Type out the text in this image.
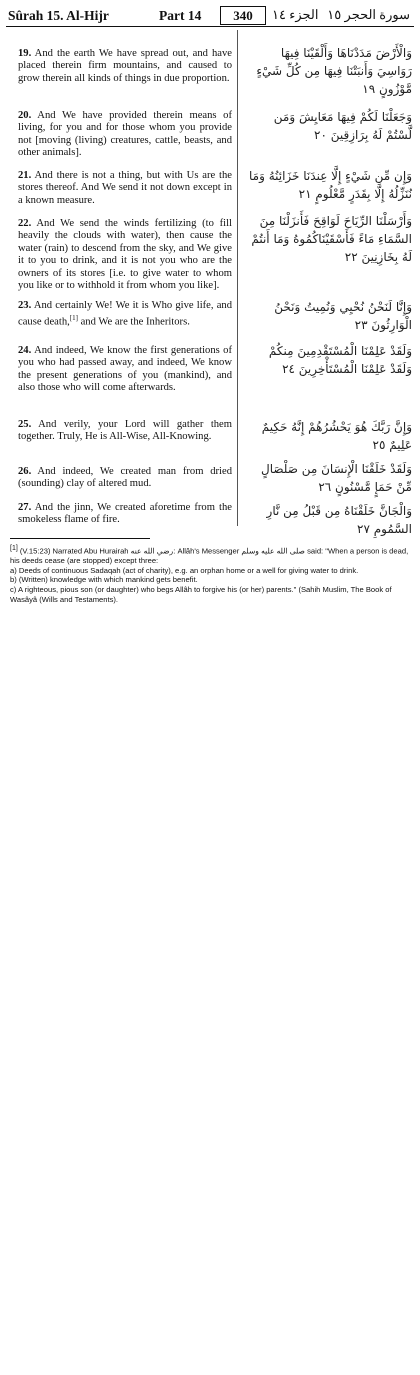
Sûrah 15. Al-Hijr	Part 14	340	الجزء ١٤ سورة الحجر ١٥
19. And the earth We have spread out, and have placed therein firm mountains, and caused to grow therein all kinds of things in due proportion.
وَالْأَرْضَ مَدَدْنَاهَا وَأَلْقَيْنَا فِيهَا رَوَاسِيَ وَأَنبَتْنَا فِيهَا مِن كُلِّ شَيْءٍ مَّوْزُونٍ ١٩
20. And We have provided therein means of living, for you and for those whom you provide not [moving (living) creatures, cattle, beasts, and other animals].
وَجَعَلْنَا لَكُمْ فِيهَا مَعَايِشَ وَمَن لَّسْتُمْ لَهُ بِرَازِقِينَ ٢٠
21. And there is not a thing, but with Us are the stores thereof. And We send it not down except in a known measure.
وَإِن مِّن شَيْءٍ إِلَّا عِندَنَا خَزَائِنُهُ وَمَا نُنَزِّلُهُ إِلَّا بِقَدَرٍ مَّعْلُومٍ ٢١
22. And We send the winds fertilizing (to fill heavily the clouds with water), then cause the water (rain) to descend from the sky, and We give it to you to drink, and it is not you who are the owners of its stores [i.e. to give water to whom you like or to withhold it from whom you like].
وَأَرْسَلْنَا الرِّيَاحَ لَوَاقِحَ فَأَنزَلْنَا مِنَ السَّمَاءِ مَاءً فَأَسْقَيْنَاكُمُوهُ وَمَا أَنتُمْ لَهُ بِخَازِنِينَ ٢٢
23. And certainly We! We it is Who give life, and cause death,[1] and We are the Inheritors.
وَإِنَّا لَنَحْنُ نُحْيِي وَنُمِيتُ وَنَحْنُ الْوَارِثُونَ ٢٣
24. And indeed, We know the first generations of you who had passed away, and indeed, We know the present generations of you (mankind), and also those who will come afterwards.
وَلَقَدْ عَلِمْنَا الْمُسْتَقْدِمِينَ مِنكُمْ وَلَقَدْ عَلِمْنَا الْمُسْتَأْخِرِينَ ٢٤
25. And verily, your Lord will gather them together. Truly, He is All-Wise, All-Knowing.
وَإِنَّ رَبَّكَ هُوَ يَحْشُرُهُمْ إِنَّهُ حَكِيمٌ عَلِيمٌ ٢٥
26. And indeed, We created man from dried (sounding) clay of altered mud.
وَلَقَدْ خَلَقْنَا الْإِنسَانَ مِن صَلْصَالٍ مِّنْ حَمَإٍ مَّسْنُونٍ ٢٦
27. And the jinn, We created aforetime from the smokeless flame of fire.
وَالْجَانَّ خَلَقْنَاهُ مِن قَبْلُ مِن نَّارِ السَّمُومِ ٢٧

[1] (V.15:23) Narrated Abu Hurairah رضي الله عنه: Allâh's Messenger صلى الله عليه وسلم said: "When a person is dead, his deeds cease (are stopped) except three:

a) Deeds of continuous Sadaqah (act of charity), e.g. an orphan home or a well for giving water to drink.

b) (Written) knowledge with which mankind gets benefit.

c) A righteous, pious son (or daughter) who begs Allâh to forgive his (or her) parents." (Sahih Muslim, The Book of Wasâyâ (Wills and Testaments).
